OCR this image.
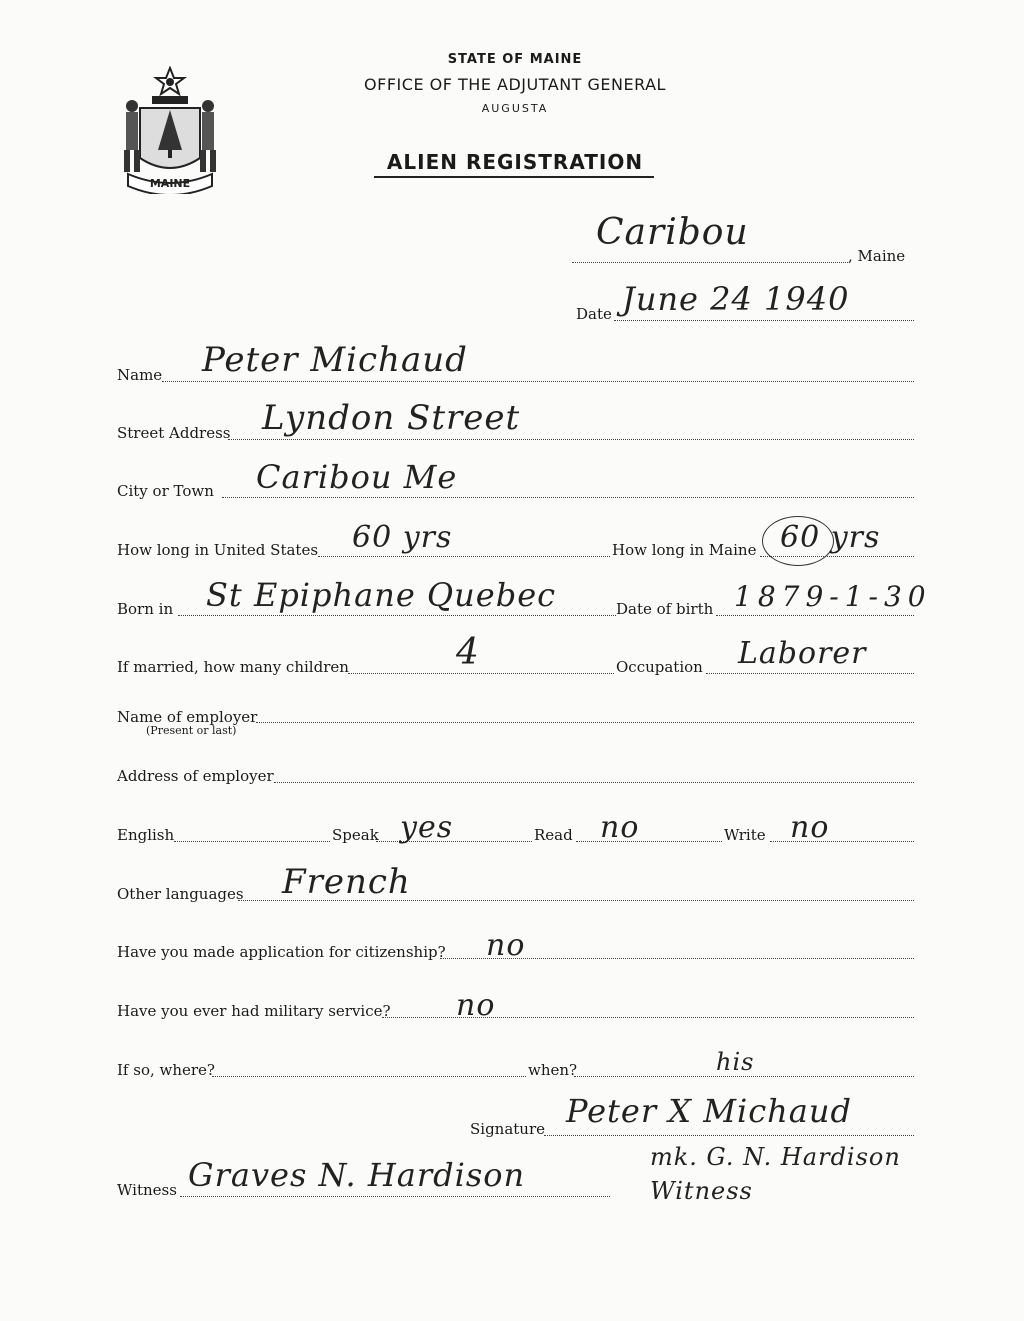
MAINE
STATE OF MAINE
OFFICE OF THE ADJUTANT GENERAL
AUGUSTA
ALIEN REGISTRATION
Caribou
, Maine
Date June 24 1940
Name Peter Michaud
Street Address Lyndon Street
City or Town Caribou Me
How long in United States 60 yrs	How long in Maine 60 yrs
Born in St Epiphane Quebec	Date of birth 1879-1-30
If married, how many children	4	Occupation Laborer
Name of employer
(Present or last)
Address of employer
English	Speak yes	Read no	Write no
Other languages French
Have you made application for citizenship? no
Have you ever had military service? no
If so, where?	when?	his
Signature Peter X Michaud
mk. G. N. Hardison Witness
Witness Graves N. Hardison
